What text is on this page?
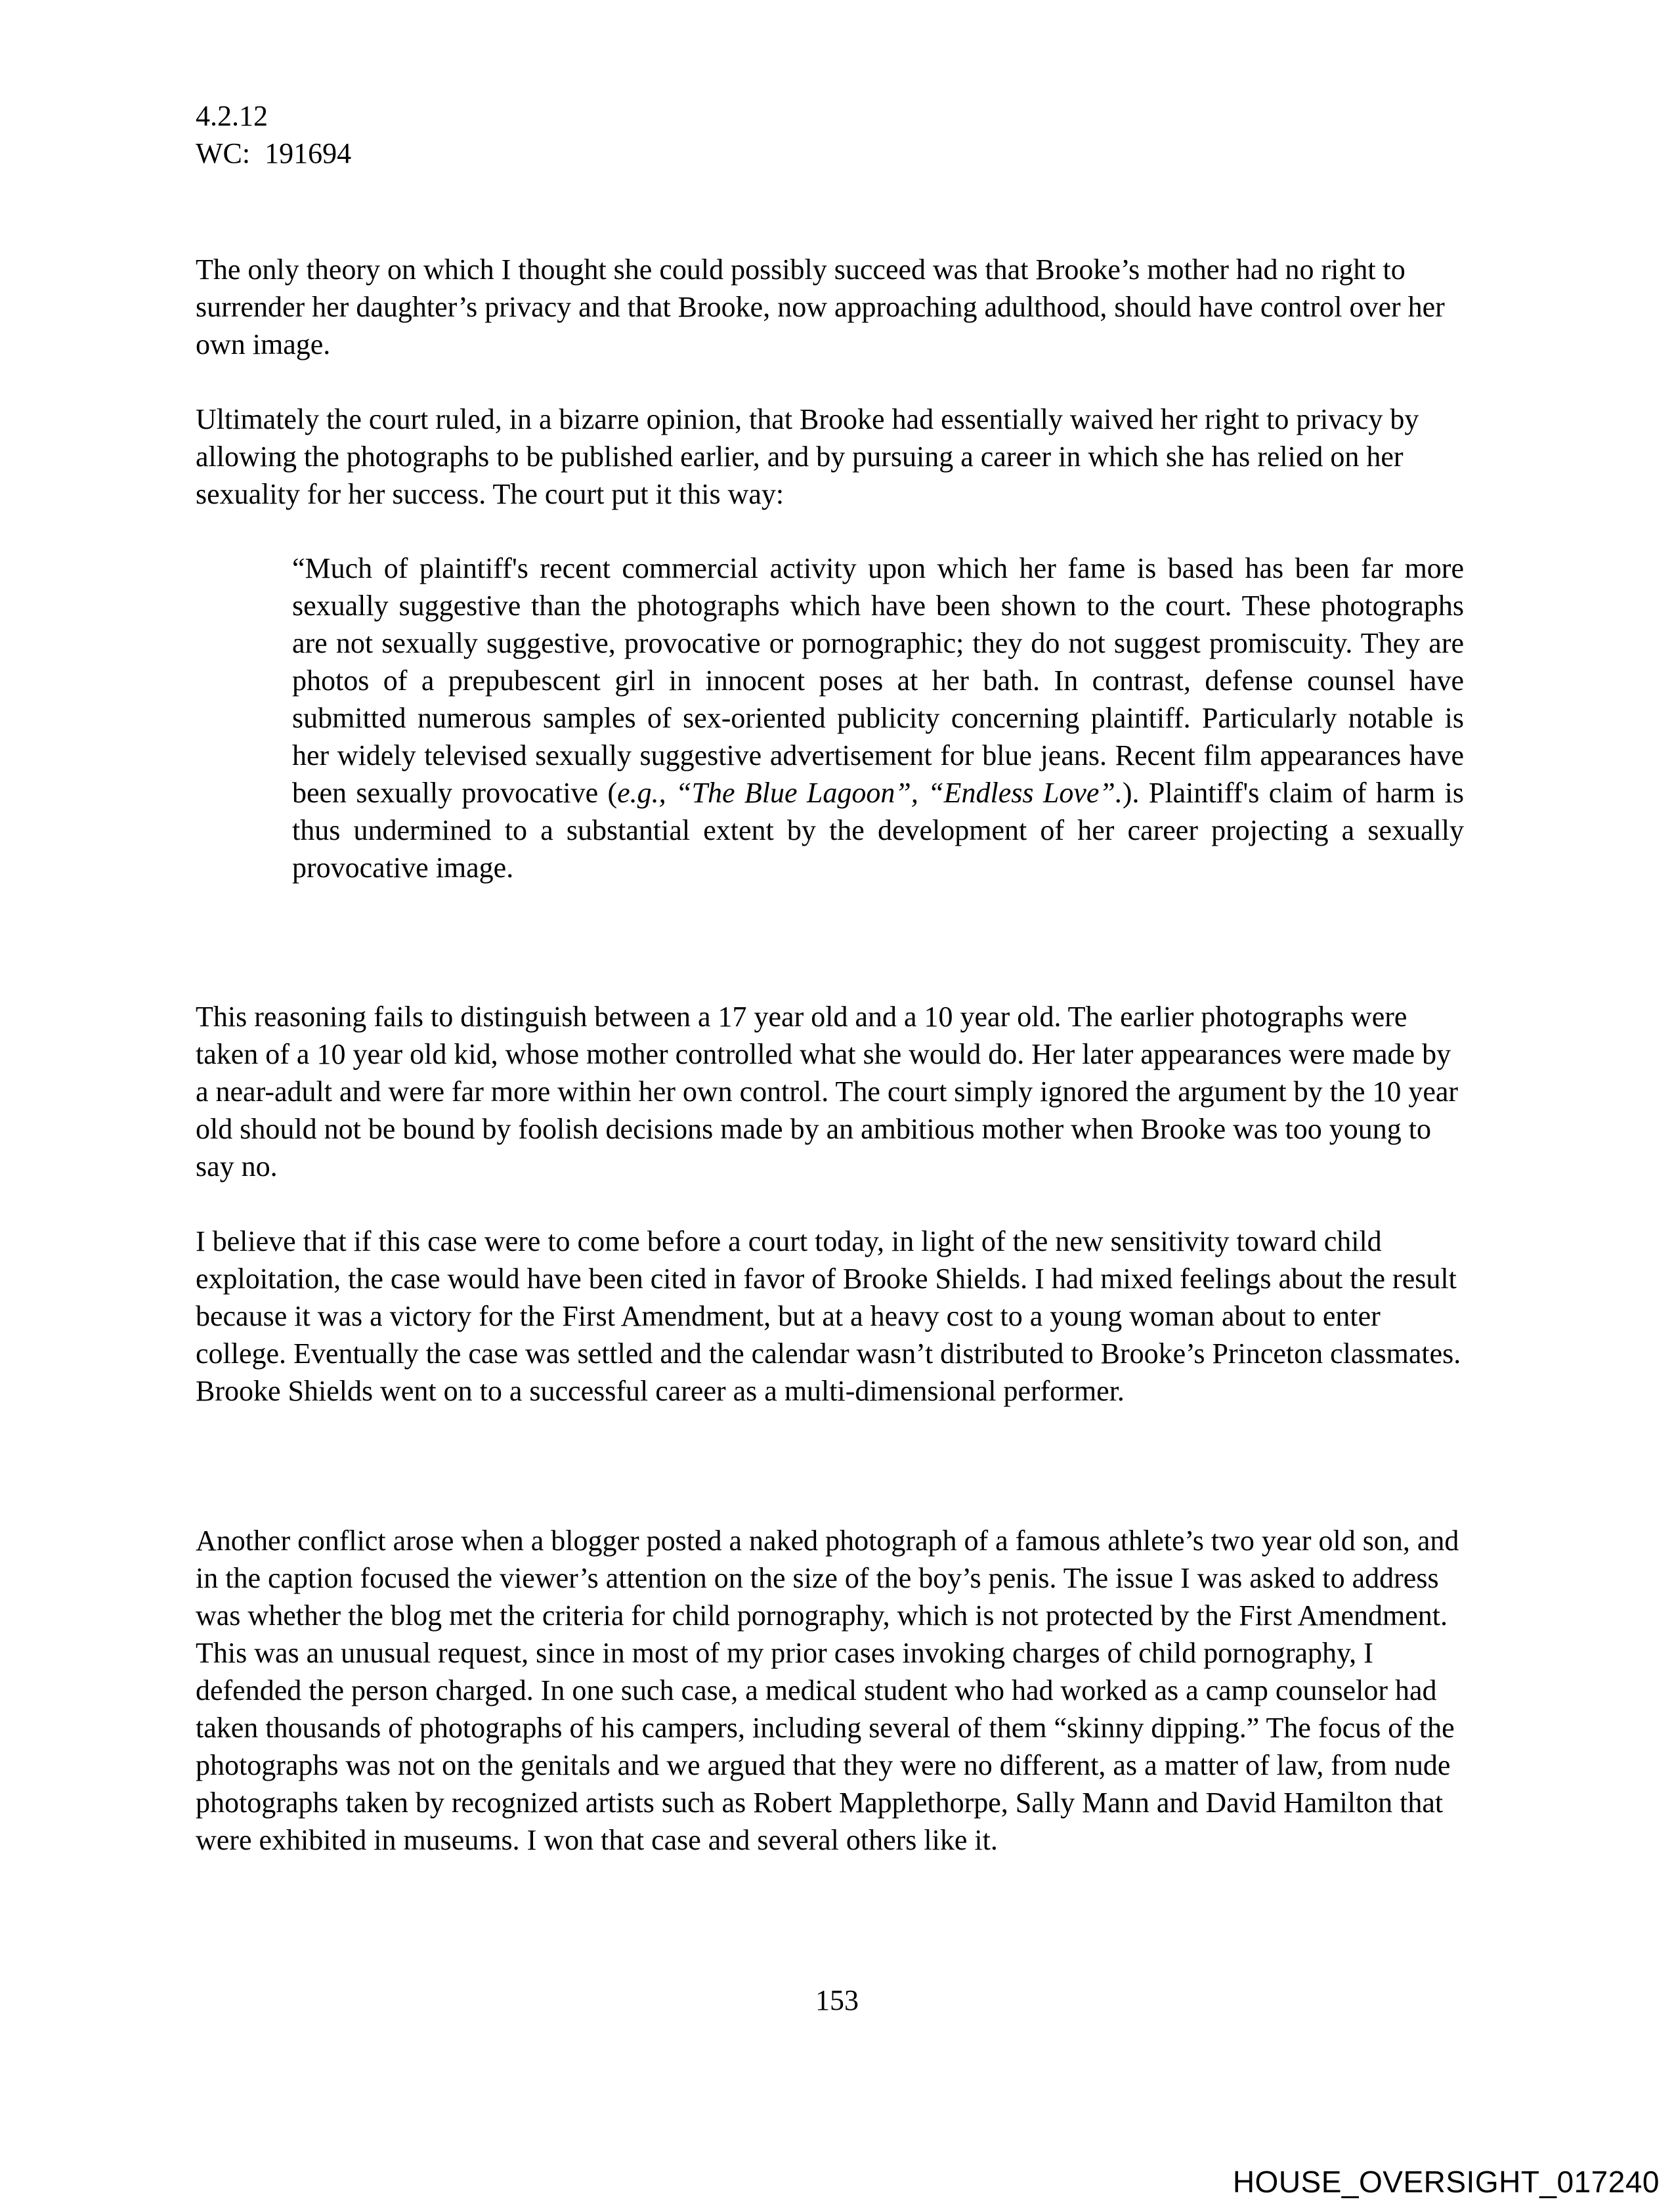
4.2.12
WC:  191694

The only theory on which I thought she could possibly succeed was that Brooke’s mother had no right to surrender her daughter’s privacy and that Brooke, now approaching adulthood, should have control over her own image.

Ultimately the court ruled, in a bizarre opinion, that Brooke had essentially waived her right to privacy by allowing the photographs to be published earlier, and by pursuing a career in which she has relied on her sexuality for her success. The court put it this way:

“Much of plaintiff's recent commercial activity upon which her fame is based has been far more sexually suggestive than the photographs which have been shown to the court. These photographs are not sexually suggestive, provocative or pornographic; they do not suggest promiscuity. They are photos of a prepubescent girl in innocent poses at her bath. In contrast, defense counsel have submitted numerous samples of sex-oriented publicity concerning plaintiff. Particularly notable is her widely televised sexually suggestive advertisement for blue jeans. Recent film appearances have been sexually provocative (e.g., “The Blue Lagoon”, “Endless Love”.). Plaintiff's claim of harm is thus undermined to a substantial extent by the development of her career projecting a sexually provocative image.

This reasoning fails to distinguish between a 17 year old and a 10 year old. The earlier photographs were taken of a 10 year old kid, whose mother controlled what she would do. Her later appearances were made by a near-adult and were far more within her own control. The court simply ignored the argument by the 10 year old should not be bound by foolish decisions made by an ambitious mother when Brooke was too young to say no.

I believe that if this case were to come before a court today, in light of the new sensitivity toward child exploitation, the case would have been cited in favor of Brooke Shields. I had mixed feelings about the result because it was a victory for the First Amendment, but at a heavy cost to a young woman about to enter college. Eventually the case was settled and the calendar wasn’t distributed to Brooke’s Princeton classmates. Brooke Shields went on to a successful career as a multi-dimensional performer.

Another conflict arose when a blogger posted a naked photograph of a famous athlete’s two year old son, and in the caption focused the viewer’s attention on the size of the boy’s penis. The issue I was asked to address was whether the blog met the criteria for child pornography, which is not protected by the First Amendment. This was an unusual request, since in most of my prior cases invoking charges of child pornography, I defended the person charged. In one such case, a medical student who had worked as a camp counselor had taken thousands of photographs of his campers, including several of them “skinny dipping.” The focus of the photographs was not on the genitals and we argued that they were no different, as a matter of law, from nude photographs taken by recognized artists such as Robert Mapplethorpe, Sally Mann and David Hamilton that were exhibited in museums. I won that case and several others like it.

153
HOUSE_OVERSIGHT_017240
